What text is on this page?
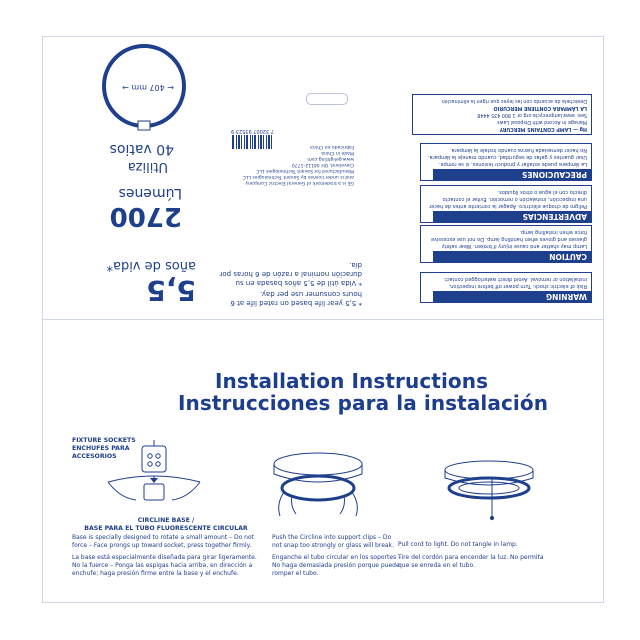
5,5
años de vida*
2700
Lúmenes
Utiliza
40 vatios
← 407 mm →
* 5,5 year life based on rated life at 6 hours consumer use per day.
* Vida útil de 5,5 años basada en su duración nominal a razón de 6 horas por día.
GE is a trademark of General Electric Company
and is under license by Savant Technologies LLC
Manufactured for Savant Technologies LLC
Cleveland, OH 44112-1770
www.gelighting.com
Made in China
Fabricado en China
7 32007 93523 9
WARNING
Risk of electric shock. Turn power off before inspection, installation or removal. Avoid direct waterlogged contact.
CAUTION
Lamp may shatter and cause injury if broken. Wear safety glasses and gloves when handling lamp. Do not use excessive force when installing lamp.
ADVERTENCIAS
Peligro de choque eléctrico. Apagar la corriente antes de hacer una inspección, instalación o remoción. Evitar el contacto directo con el agua o otros líquidos.
PRECAUCIONES
La lámpara puede estallar y producir lesiones, si se rompe. Usar guantes y gafas de seguridad, cuando maneje la lámpara. No hacer demasiada fuerza cuando instale la lámpara.
Hg — LAMP CONTAINS MERCURY
Manage in Accord with Disposal Laws
See: www.lamprecycle.org or 1 800 435 4448
LA LÁMPARA CONTIENE MERCURIO
Deséchela de acuerdo con las leyes que rigen la eliminación
Installation Instructions
Instrucciones para la instalación
FIXTURE SOCKETS
ENCHUFES PARA ACCESORIOS
CIRCLINE BASE /
BASE PARA EL TUBO FLUORESCENTE CIRCULAR
Base is specially designed to rotate a small amount – Do not force – Face prongs up toward socket, press together firmly.
La base está especialmente diseñada para girar ligeramente. No la fuerce – Ponga las espigas hacia arriba, en dirección a enchufe; haga presión firme entre la base y el enchufe.
Push the Circline into support clips – Do not snap too strongly or glass will break.
Enganche el tubo circular en los soportes – No haga demasiada presión porque puede romper el tubo.
Pull cord to light. Do not tangle in lamp.
Tire del cordón para encender la luz. No permita que se enreda en el tubo.
